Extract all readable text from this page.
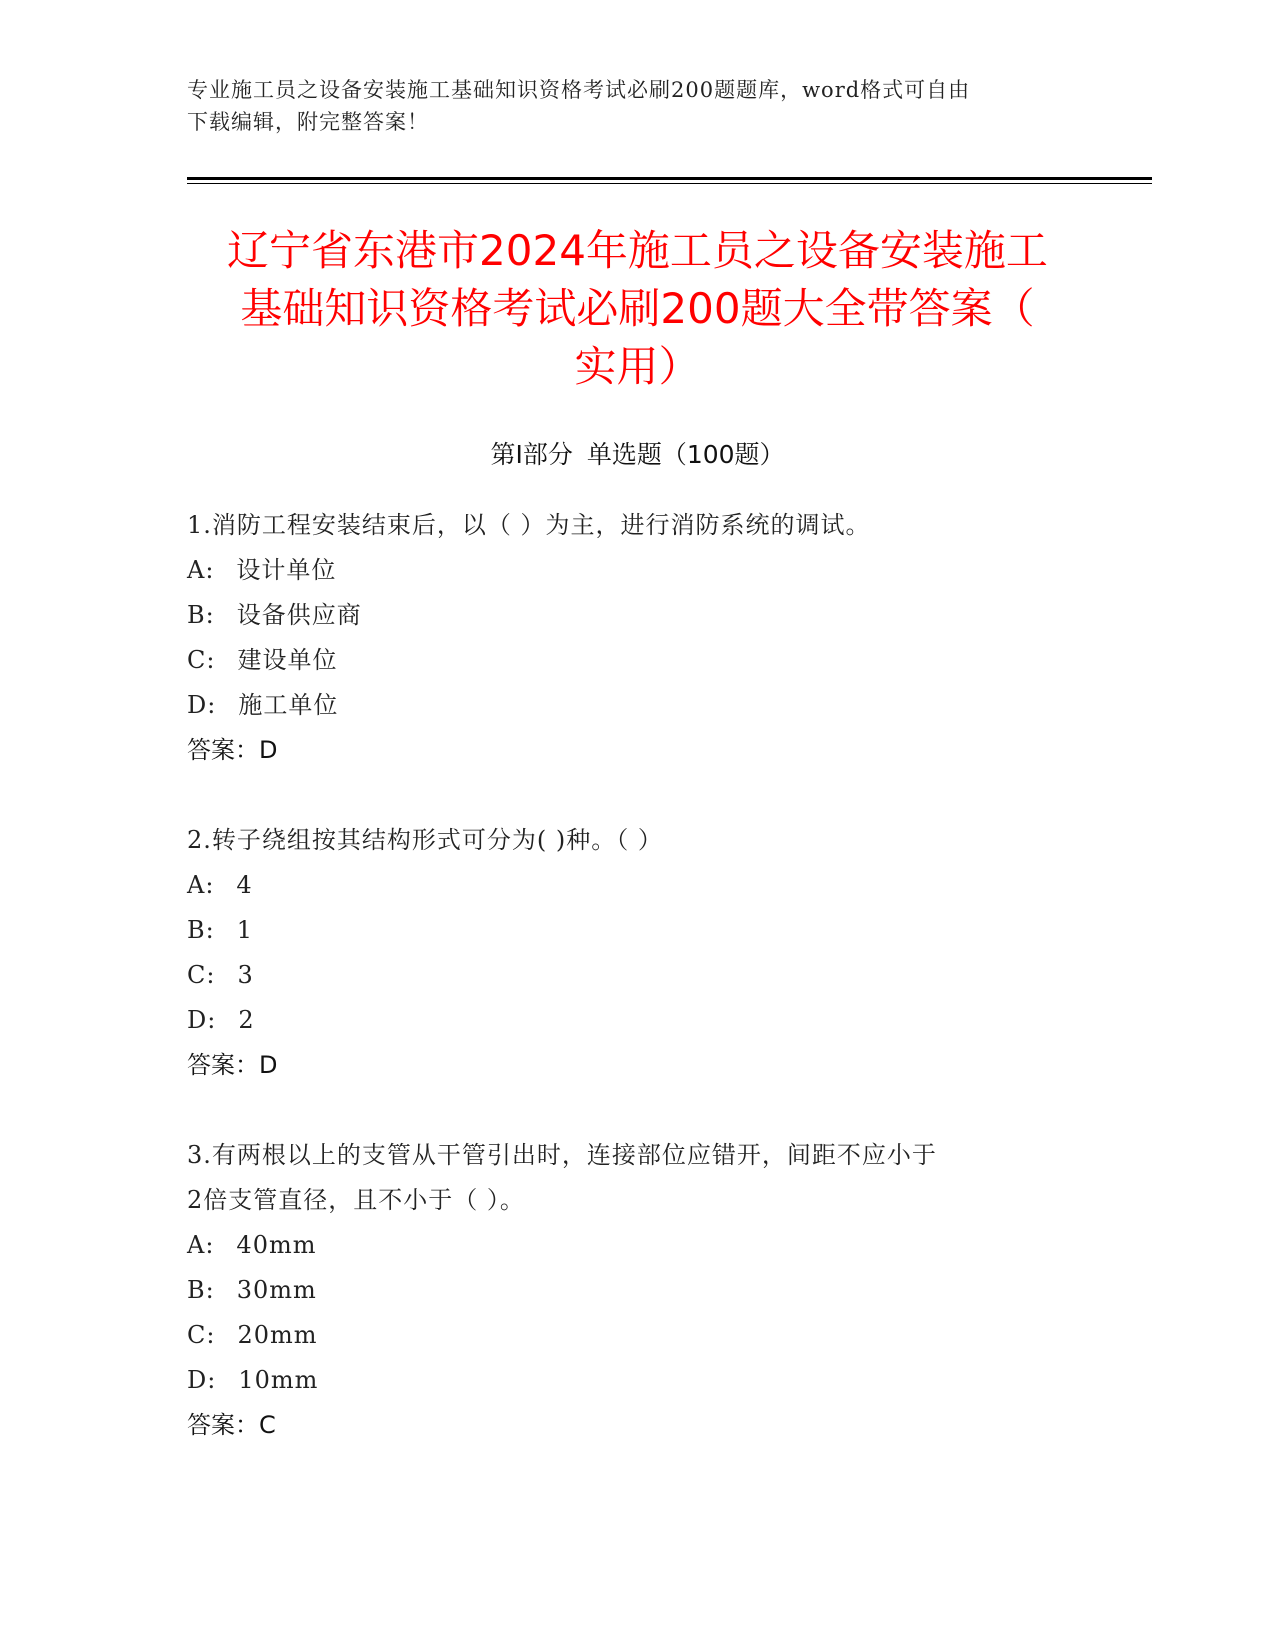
专业施工员之设备安装施工基础知识资格考试必刷200题题库，word格式可自由
下载编辑，附完整答案！
辽宁省东港市2024年施工员之设备安装施工
基础知识资格考试必刷200题大全带答案（
实用）
第Ⅰ部分 单选题（100题）
1.消防工程安装结束后，以（ ）为主，进行消防系统的调试。
A: 设计单位
B: 设备供应商
C: 建设单位
D: 施工单位
答案：D
2.转子绕组按其结构形式可分为( )种。（ ）
A: 4
B: 1
C: 3
D: 2
答案：D
3.有两根以上的支管从干管引出时，连接部位应错开，间距不应小于
2倍支管直径，且不小于（ ）。
A: 40mm
B: 30mm
C: 20mm
D: 10mm
答案：C
